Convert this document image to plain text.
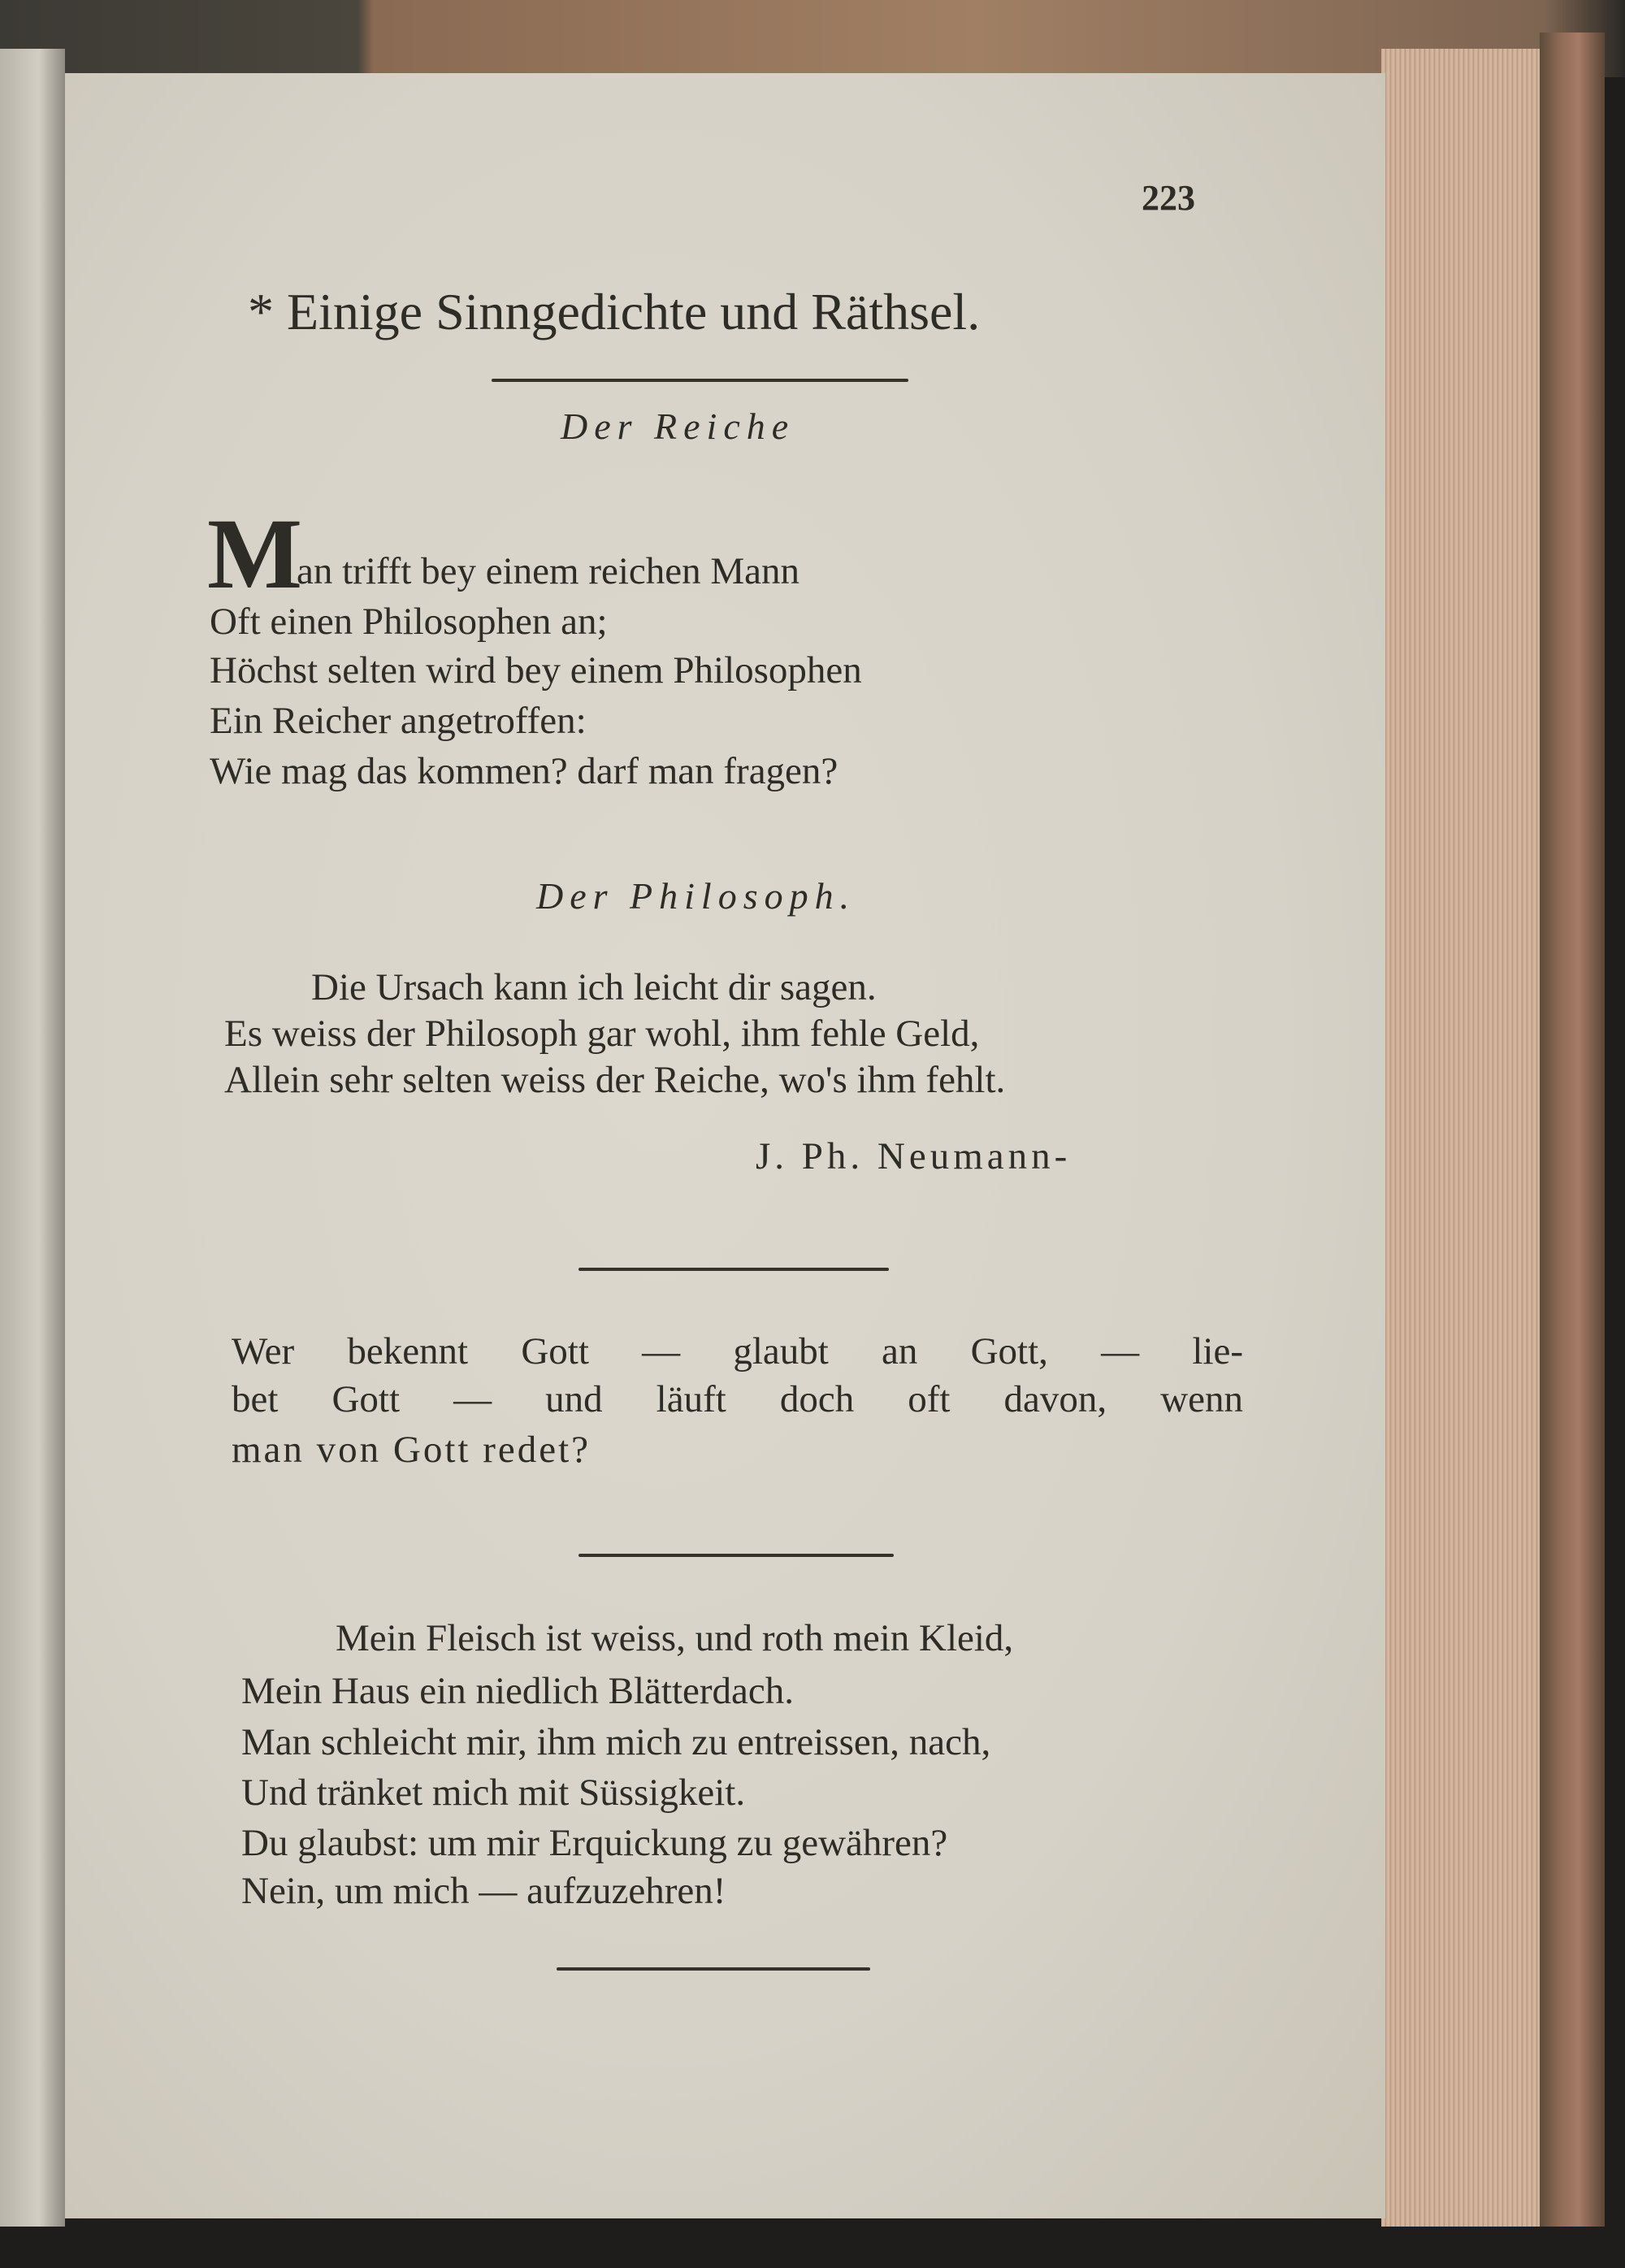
223
* Einige Sinngedichte und Räthsel.
Der Reiche
M
an trifft bey einem reichen Mann
Oft einen Philosophen an;
Höchst selten wird bey einem Philosophen
Ein Reicher angetroffen:
Wie mag das kommen? darf man fragen?
Der Philosoph.
Die Ursach kann ich leicht dir sagen.
Es weiss der Philosoph gar wohl, ihm fehle Geld,
Allein sehr selten weiss der Reiche, wo's ihm fehlt.
J. Ph. Neumann-
Wer bekennt Gott — glaubt an Gott, — lie-
bet Gott — und läuft doch oft davon, wenn
man von Gott redet?
Mein Fleisch ist weiss, und roth mein Kleid,
Mein Haus ein niedlich Blätterdach.
Man schleicht mir, ihm mich zu entreissen, nach,
Und tränket mich mit Süssigkeit.
Du glaubst: um mir Erquickung zu gewähren?
Nein, um mich — aufzuzehren!
